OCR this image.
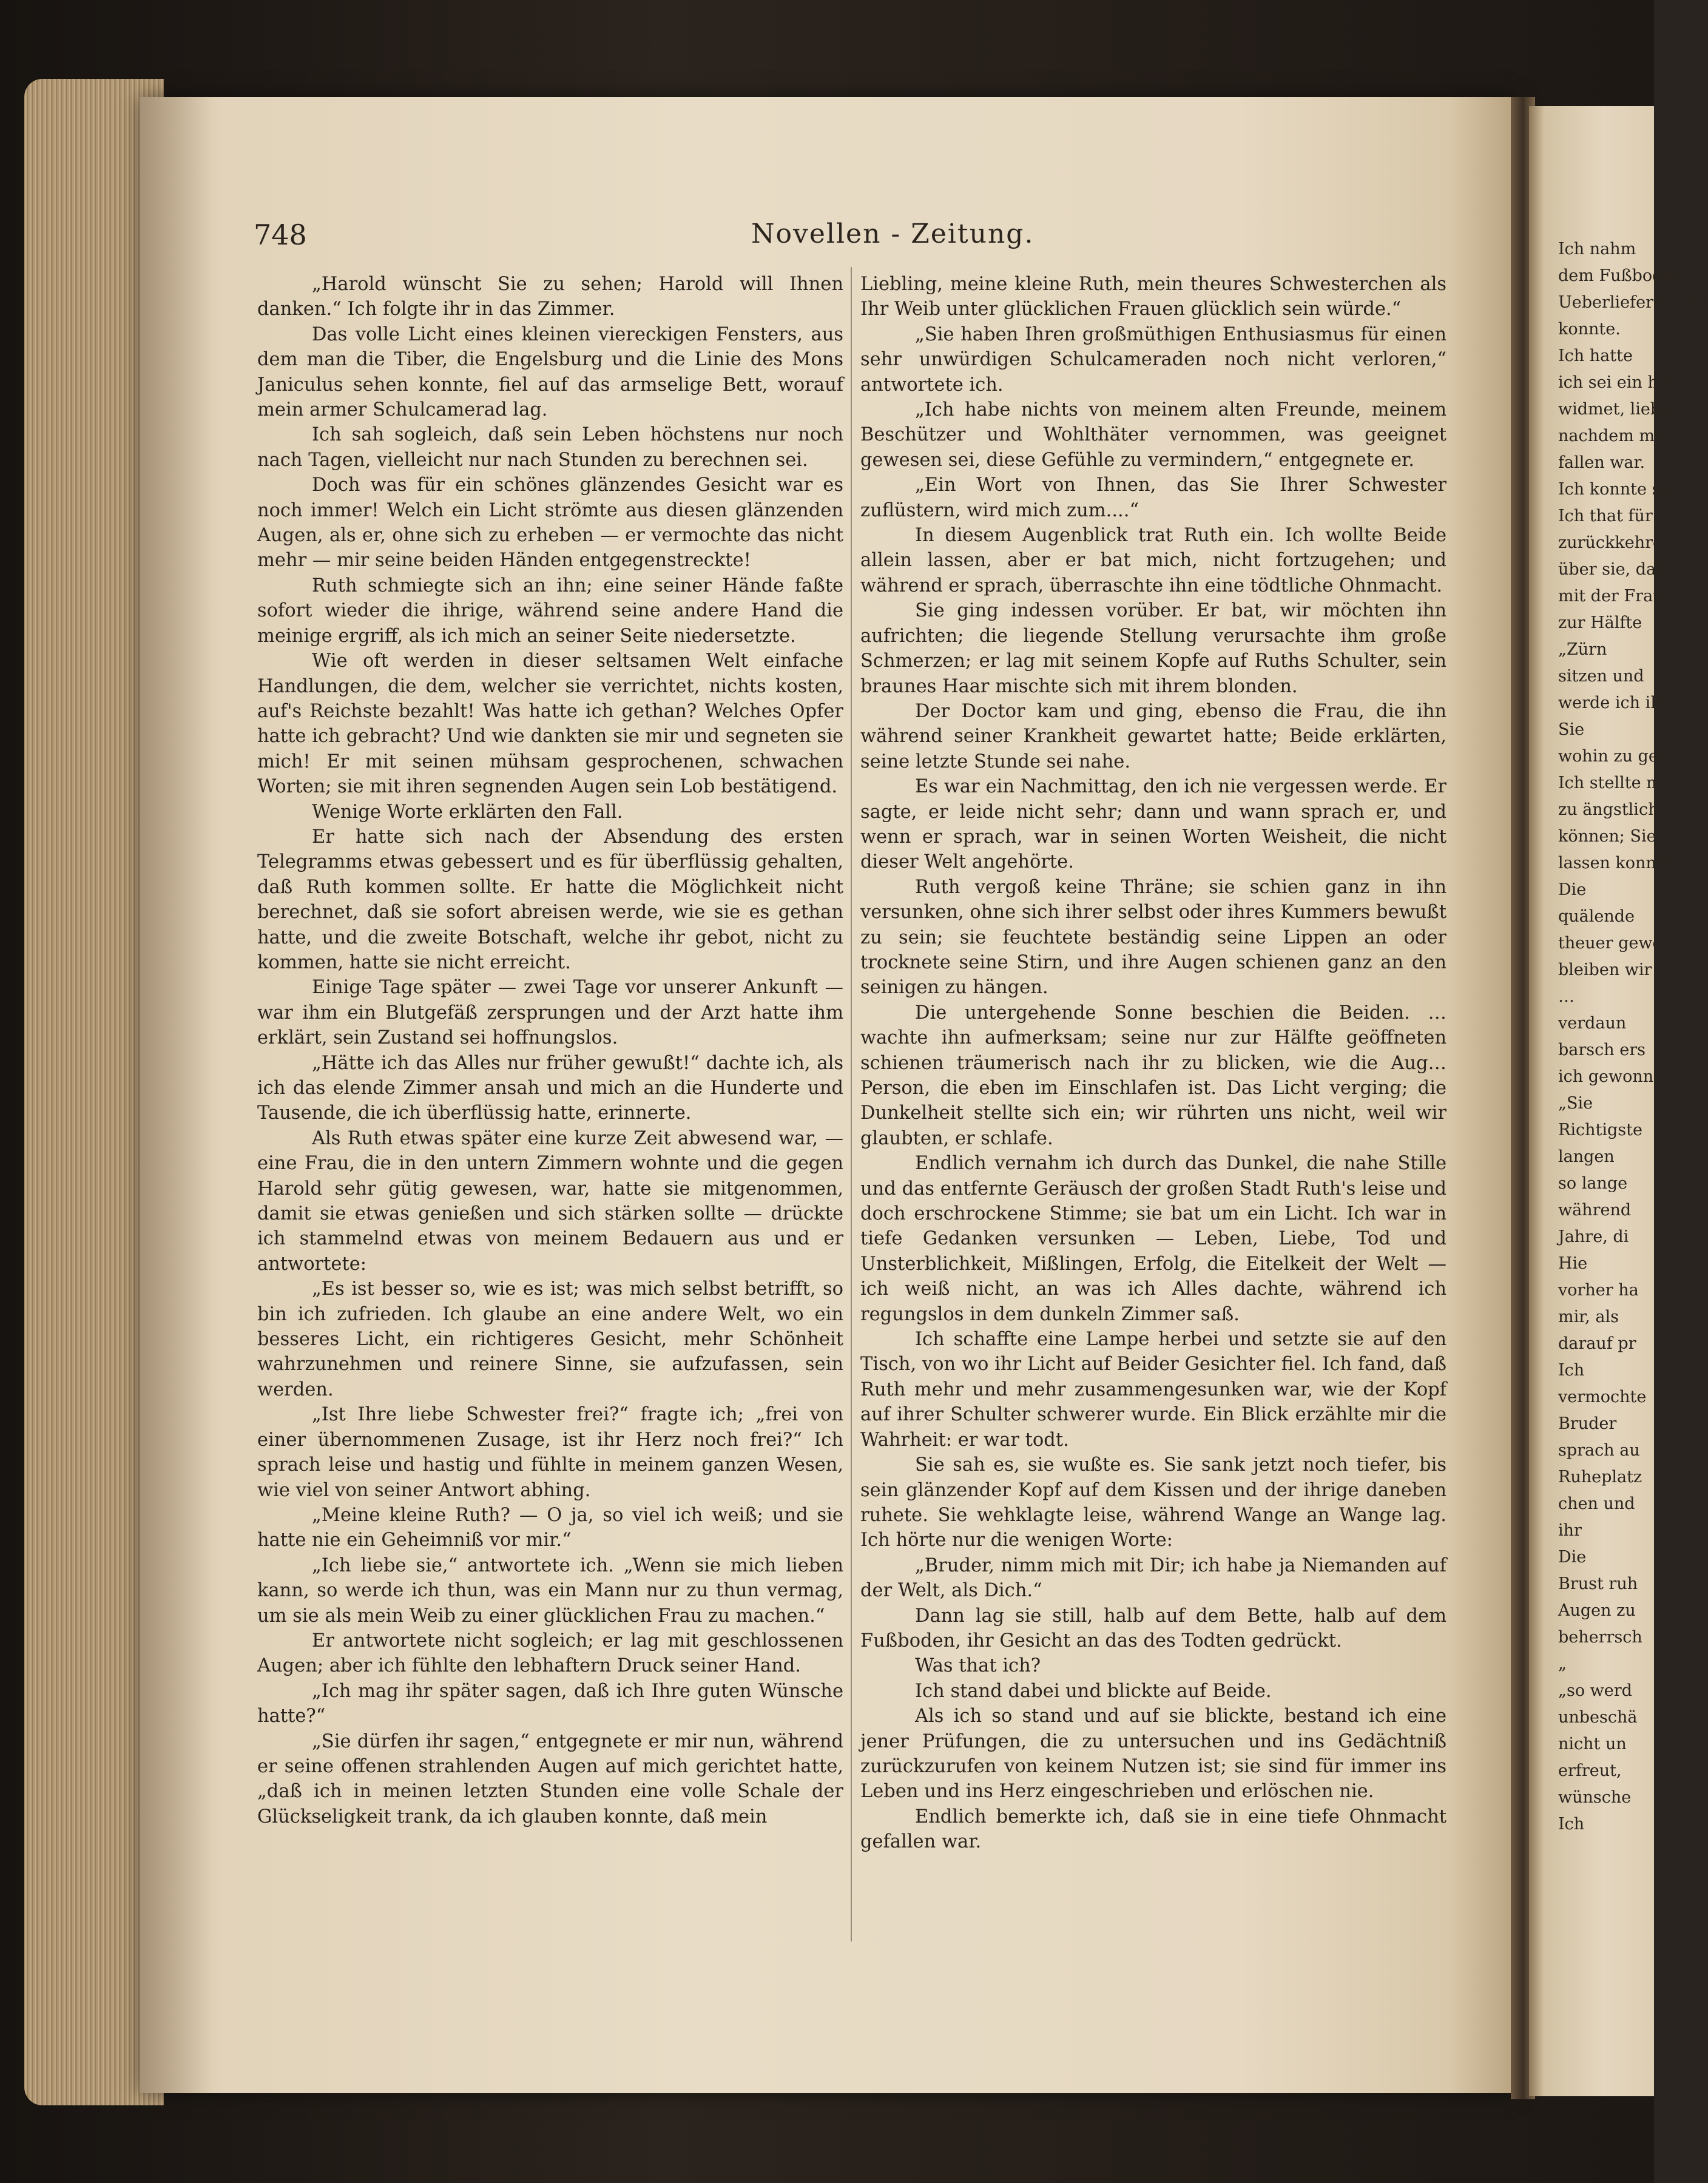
Ich nahm
dem Fußboden
Ueberlieferer und
konnte.
Ich hatte
ich sei ein hal
widmet, liebte
nachdem mir
fallen war.
Ich konnte sie
Ich that für
zurückkehren.
über sie, daß
mit der Frau
zur Hälfte
„Zürn
sitzen und
werde ich ihn
Sie
wohin zu geh
Ich stellte mi
zu ängstlich,
können; Sie
lassen konnte
Die
quälende
theuer gewe
bleiben wir
…
verdaun
barsch ers
ich gewonn
„Sie
Richtigste
langen
so lange
während
Jahre, di
Hie
vorher ha
mir, als
darauf pr
Ich
vermochte
Bruder
sprach au
Ruheplatz
chen und
ihr
Die
Brust ruh
Augen zu
beherrsch
„
„so werd
unbeschä
nicht un
erfreut,
wünsche
Ich
748	Novellen - Zeitung.

„Harold wünscht Sie zu sehen; Harold will Ihnen danken.“ Ich folgte ihr in das Zimmer.

Das volle Licht eines kleinen viereckigen Fensters, aus dem man die Tiber, die Engelsburg und die Linie des Mons Janiculus sehen konnte, fiel auf das armselige Bett, worauf mein armer Schulcamerad lag.

Ich sah sogleich, daß sein Leben höchstens nur noch nach Tagen, vielleicht nur nach Stunden zu berechnen sei.

Doch was für ein schönes glänzendes Gesicht war es noch immer! Welch ein Licht strömte aus diesen glänzenden Augen, als er, ohne sich zu erheben — er vermochte das nicht mehr — mir seine beiden Händen entgegenstreckte!

Ruth schmiegte sich an ihn; eine seiner Hände faßte sofort wieder die ihrige, während seine andere Hand die meinige ergriff, als ich mich an seiner Seite niedersetzte.

Wie oft werden in dieser seltsamen Welt einfache Handlungen, die dem, welcher sie verrichtet, nichts kosten, auf's Reichste bezahlt! Was hatte ich gethan? Welches Opfer hatte ich gebracht? Und wie dankten sie mir und segneten sie mich! Er mit seinen mühsam gesprochenen, schwachen Worten; sie mit ihren segnenden Augen sein Lob bestätigend.

Wenige Worte erklärten den Fall.

Er hatte sich nach der Absendung des ersten Telegramms etwas gebessert und es für überflüssig gehalten, daß Ruth kommen sollte. Er hatte die Möglichkeit nicht berechnet, daß sie sofort abreisen werde, wie sie es gethan hatte, und die zweite Botschaft, welche ihr gebot, nicht zu kommen, hatte sie nicht erreicht.

Einige Tage später — zwei Tage vor unserer Ankunft — war ihm ein Blutgefäß zersprungen und der Arzt hatte ihm erklärt, sein Zustand sei hoffnungslos.

„Hätte ich das Alles nur früher gewußt!“ dachte ich, als ich das elende Zimmer ansah und mich an die Hunderte und Tausende, die ich überflüssig hatte, erinnerte.

Als Ruth etwas später eine kurze Zeit abwesend war, — eine Frau, die in den untern Zimmern wohnte und die gegen Harold sehr gütig gewesen, war, hatte sie mitgenommen, damit sie etwas genießen und sich stärken sollte — drückte ich stammelnd etwas von meinem Bedauern aus und er antwortete:

„Es ist besser so, wie es ist; was mich selbst betrifft, so bin ich zufrieden. Ich glaube an eine andere Welt, wo ein besseres Licht, ein richtigeres Gesicht, mehr Schönheit wahrzunehmen und reinere Sinne, sie aufzufassen, sein werden.

„Ist Ihre liebe Schwester frei?“ fragte ich; „frei von einer übernommenen Zusage, ist ihr Herz noch frei?“ Ich sprach leise und hastig und fühlte in meinem ganzen Wesen, wie viel von seiner Antwort abhing.

„Meine kleine Ruth? — O ja, so viel ich weiß; und sie hatte nie ein Geheimniß vor mir.“

„Ich liebe sie,“ antwortete ich. „Wenn sie mich lieben kann, so werde ich thun, was ein Mann nur zu thun vermag, um sie als mein Weib zu einer glücklichen Frau zu machen.“

Er antwortete nicht sogleich; er lag mit geschlossenen Augen; aber ich fühlte den lebhaftern Druck seiner Hand.

„Ich mag ihr später sagen, daß ich Ihre guten Wünsche hatte?“

„Sie dürfen ihr sagen,“ entgegnete er mir nun, während er seine offenen strahlenden Augen auf mich gerichtet hatte, „daß ich in meinen letzten Stunden eine volle Schale der Glückseligkeit trank, da ich glauben konnte, daß mein

Liebling, meine kleine Ruth, mein theures Schwesterchen als Ihr Weib unter glücklichen Frauen glücklich sein würde.“

„Sie haben Ihren großmüthigen Enthusiasmus für einen sehr unwürdigen Schulcameraden noch nicht verloren,“ antwortete ich.

„Ich habe nichts von meinem alten Freunde, meinem Beschützer und Wohlthäter vernommen, was geeignet gewesen sei, diese Gefühle zu vermindern,“ entgegnete er.

„Ein Wort von Ihnen, das Sie Ihrer Schwester zuflüstern, wird mich zum....“

In diesem Augenblick trat Ruth ein. Ich wollte Beide allein lassen, aber er bat mich, nicht fortzugehen; und während er sprach, überraschte ihn eine tödtliche Ohnmacht.

Sie ging indessen vorüber. Er bat, wir möchten ihn aufrichten; die liegende Stellung verursachte ihm große Schmerzen; er lag mit seinem Kopfe auf Ruths Schulter, sein braunes Haar mischte sich mit ihrem blonden.

Der Doctor kam und ging, ebenso die Frau, die ihn während seiner Krankheit gewartet hatte; Beide erklärten, seine letzte Stunde sei nahe.

Es war ein Nachmittag, den ich nie vergessen werde. Er sagte, er leide nicht sehr; dann und wann sprach er, und wenn er sprach, war in seinen Worten Weisheit, die nicht dieser Welt angehörte.

Ruth vergoß keine Thräne; sie schien ganz in ihn versunken, ohne sich ihrer selbst oder ihres Kummers bewußt zu sein; sie feuchtete beständig seine Lippen an oder trocknete seine Stirn, und ihre Augen schienen ganz an den seinigen zu hängen.

Die untergehende Sonne beschien die Beiden. … wachte ihn aufmerksam; seine nur zur Hälfte geöffneten schienen träumerisch nach ihr zu blicken, wie die Aug… Person, die eben im Einschlafen ist. Das Licht verging; die Dunkelheit stellte sich ein; wir rührten uns nicht, weil wir glaubten, er schlafe.

Endlich vernahm ich durch das Dunkel, die nahe Stille und das entfernte Geräusch der großen Stadt Ruth's leise und doch erschrockene Stimme; sie bat um ein Licht. Ich war in tiefe Gedanken versunken — Leben, Liebe, Tod und Unsterblichkeit, Mißlingen, Erfolg, die Eitelkeit der Welt — ich weiß nicht, an was ich Alles dachte, während ich regungslos in dem dunkeln Zimmer saß.

Ich schaffte eine Lampe herbei und setzte sie auf den Tisch, von wo ihr Licht auf Beider Gesichter fiel. Ich fand, daß Ruth mehr und mehr zusammengesunken war, wie der Kopf auf ihrer Schulter schwerer wurde. Ein Blick erzählte mir die Wahrheit: er war todt.

Sie sah es, sie wußte es. Sie sank jetzt noch tiefer, bis sein glänzender Kopf auf dem Kissen und der ihrige daneben ruhete. Sie wehklagte leise, während Wange an Wange lag. Ich hörte nur die wenigen Worte:

„Bruder, nimm mich mit Dir; ich habe ja Niemanden auf der Welt, als Dich.“

Dann lag sie still, halb auf dem Bette, halb auf dem Fußboden, ihr Gesicht an das des Todten gedrückt.

Was that ich?

Ich stand dabei und blickte auf Beide.

Als ich so stand und auf sie blickte, bestand ich eine jener Prüfungen, die zu untersuchen und ins Gedächtniß zurückzurufen von keinem Nutzen ist; sie sind für immer ins Leben und ins Herz eingeschrieben und erlöschen nie.

Endlich bemerkte ich, daß sie in eine tiefe Ohnmacht gefallen war.
